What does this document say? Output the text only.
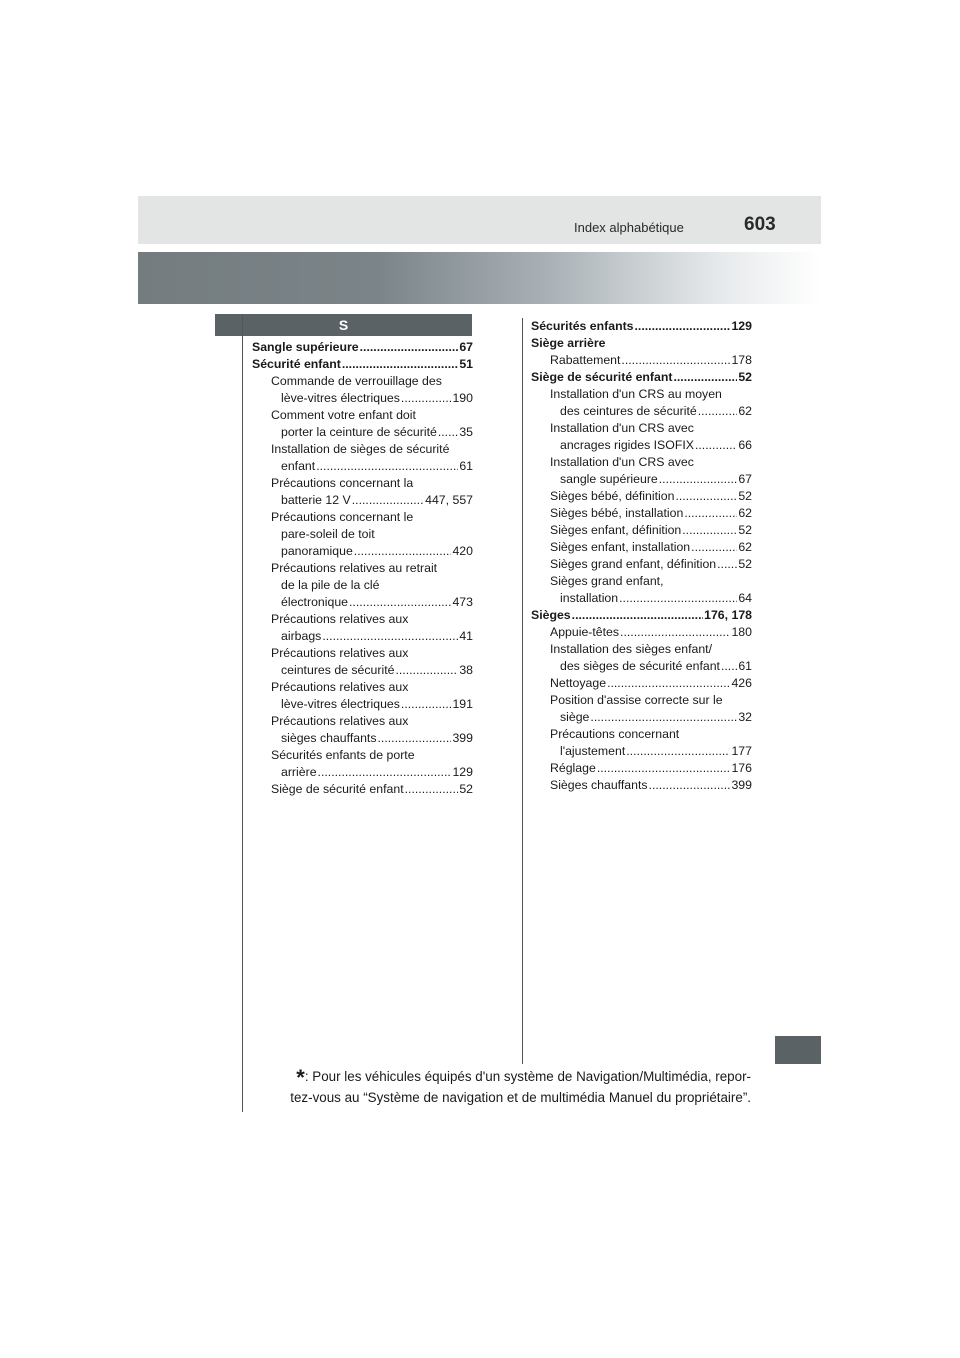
Index alphabétique	603
S
Sangle supérieure .....	67
Sécurité enfant .....	51
Commande de verrouillage des
lève-vitres électriques .....	190
Comment votre enfant doit
porter la ceinture de sécurité ..... 35
Installation de sièges de sécurité
enfant .....	61
Précautions concernant la
batterie 12 V .....	447, 557
Précautions concernant le
pare-soleil de toit
panoramique .....	420
Précautions relatives au retrait
de la pile de la clé
électronique .....	473
Précautions relatives aux
airbags .....	41
Précautions relatives aux
ceintures de sécurité .....	38
Précautions relatives aux
lève-vitres électriques .....	191
Précautions relatives aux
sièges chauffants .....	399
Sécurités enfants de porte
arrière .....	129
Siège de sécurité enfant .....	52
Sécurités enfants .....	129
Siège arrière
Rabattement .....	178
Siège de sécurité enfant .....	52
Installation d'un CRS au moyen
des ceintures de sécurité .....	62
Installation d'un CRS avec
ancrages rigides ISOFIX .....	66
Installation d'un CRS avec
sangle supérieure .....	67
Sièges bébé, définition .....	52
Sièges bébé, installation .....	62
Sièges enfant, définition .....	52
Sièges enfant, installation .....	62
Sièges grand enfant, définition ..... 52
Sièges grand enfant,
installation .....	64
Sièges .....	176, 178
Appuie-têtes .....	180
Installation des sièges enfant/
des sièges de sécurité enfant ..... 61
Nettoyage .....	426
Position d'assise correcte sur le
siège .....	32
Précautions concernant
l'ajustement .....	177
Réglage .....	176
Sièges chauffants .....	399
*: Pour les véhicules équipés d'un système de Navigation/Multimédia, repor-
tez-vous au “Système de navigation et de multimédia Manuel du propriétaire”.
